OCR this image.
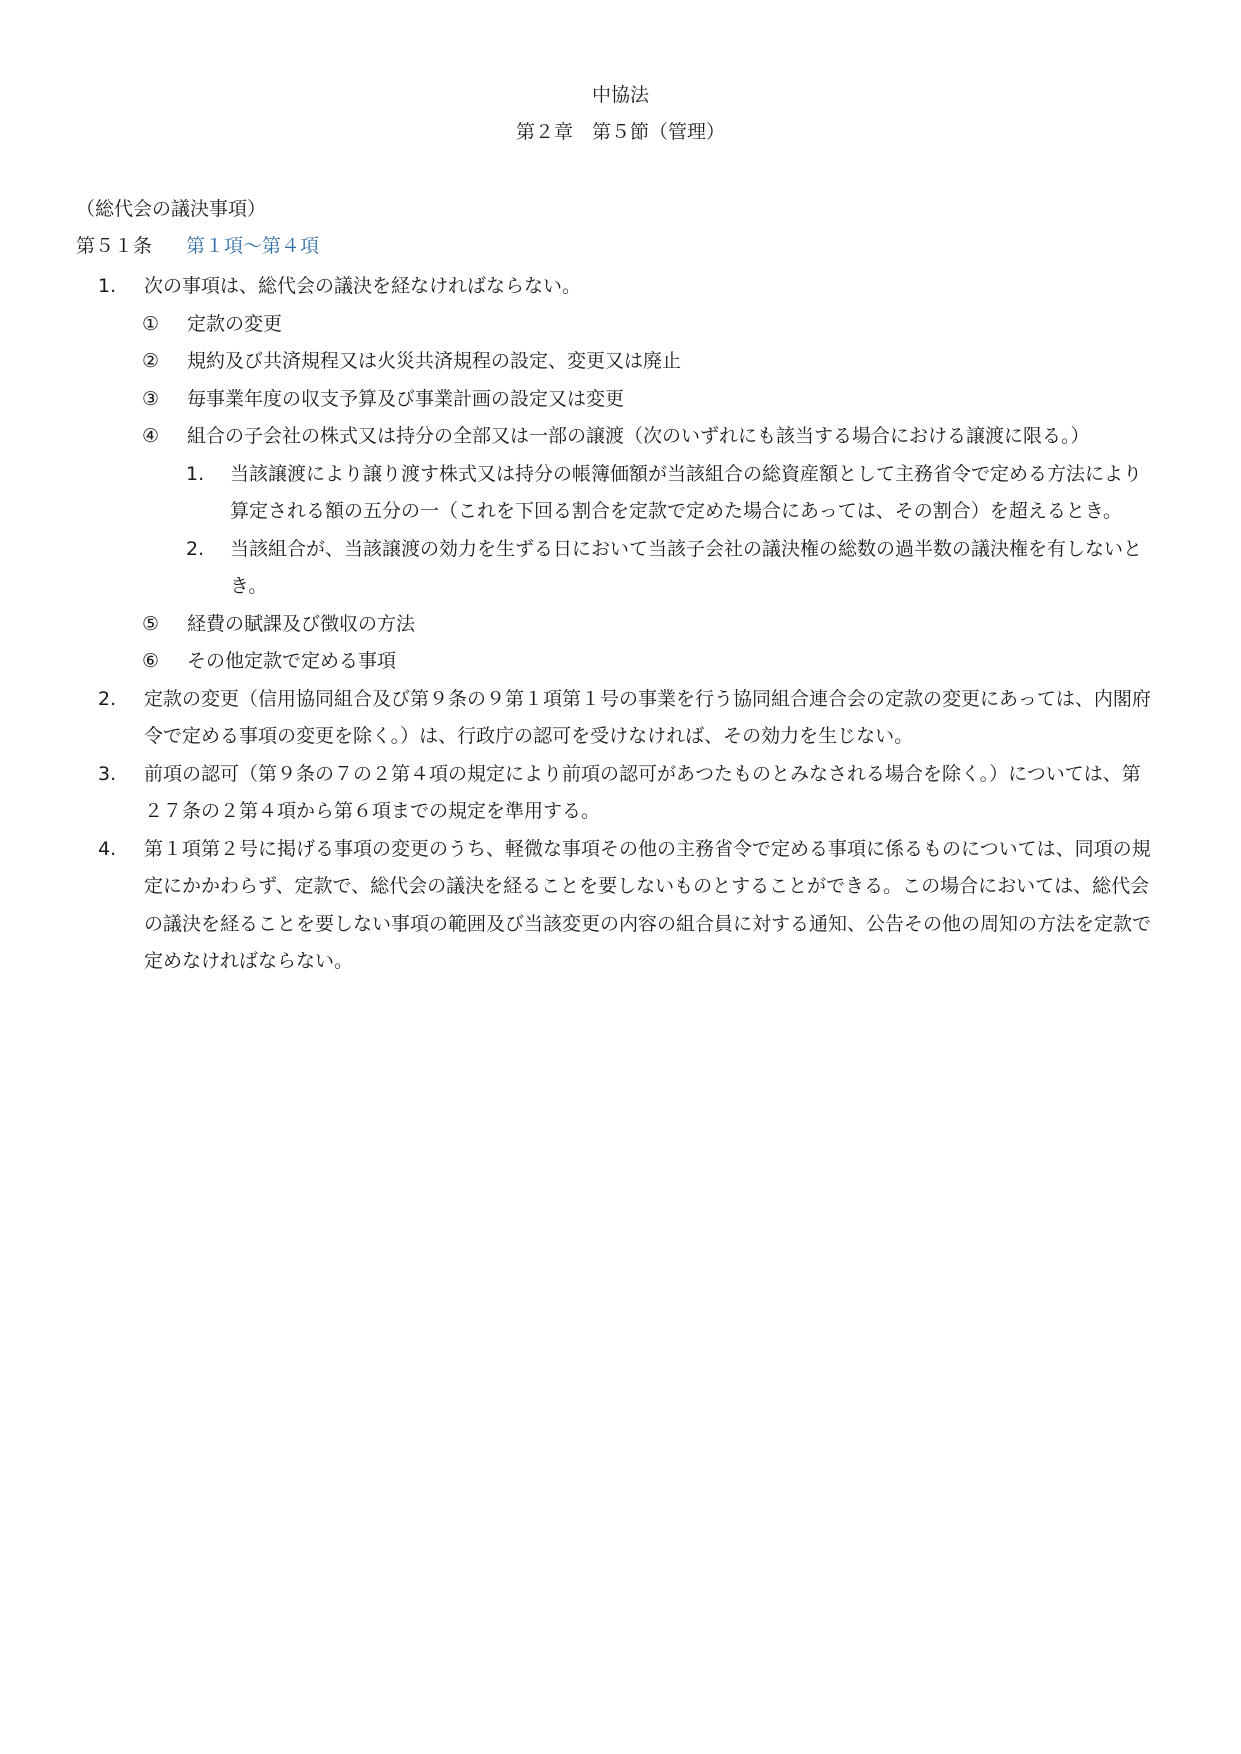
中協法
第２章　第５節（管理）
（総代会の議決事項）
第５１条 第１項〜第４項
1. 次の事項は、総代会の議決を経なければならない。
① 定款の変更
② 規約及び共済規程又は火災共済規程の設定、変更又は廃止
③ 毎事業年度の収支予算及び事業計画の設定又は変更
④ 組合の子会社の株式又は持分の全部又は一部の譲渡（次のいずれにも該当する場合における譲渡に限る。）
1. 当該譲渡により譲り渡す株式又は持分の帳簿価額が当該組合の総資産額として主務省令で定める方法により算定される額の五分の一（これを下回る割合を定款で定めた場合にあっては、その割合）を超えるとき。
2. 当該組合が、当該譲渡の効力を生ずる日において当該子会社の議決権の総数の過半数の議決権を有しないとき。
⑤ 経費の賦課及び徴収の方法
⑥ その他定款で定める事項
2. 定款の変更（信用協同組合及び第９条の９第１項第１号の事業を行う協同組合連合会の定款の変更にあっては、内閣府令で定める事項の変更を除く。）は、行政庁の認可を受けなければ、その効力を生じない。
3. 前項の認可（第９条の７の２第４項の規定により前項の認可があつたものとみなされる場合を除く。）については、第２７条の２第４項から第６項までの規定を準用する。
4. 第１項第２号に掲げる事項の変更のうち、軽微な事項その他の主務省令で定める事項に係るものについては、同項の規定にかかわらず、定款で、総代会の議決を経ることを要しないものとすることができる。この場合においては、総代会の議決を経ることを要しない事項の範囲及び当該変更の内容の組合員に対する通知、公告その他の周知の方法を定款で定めなければならない。
